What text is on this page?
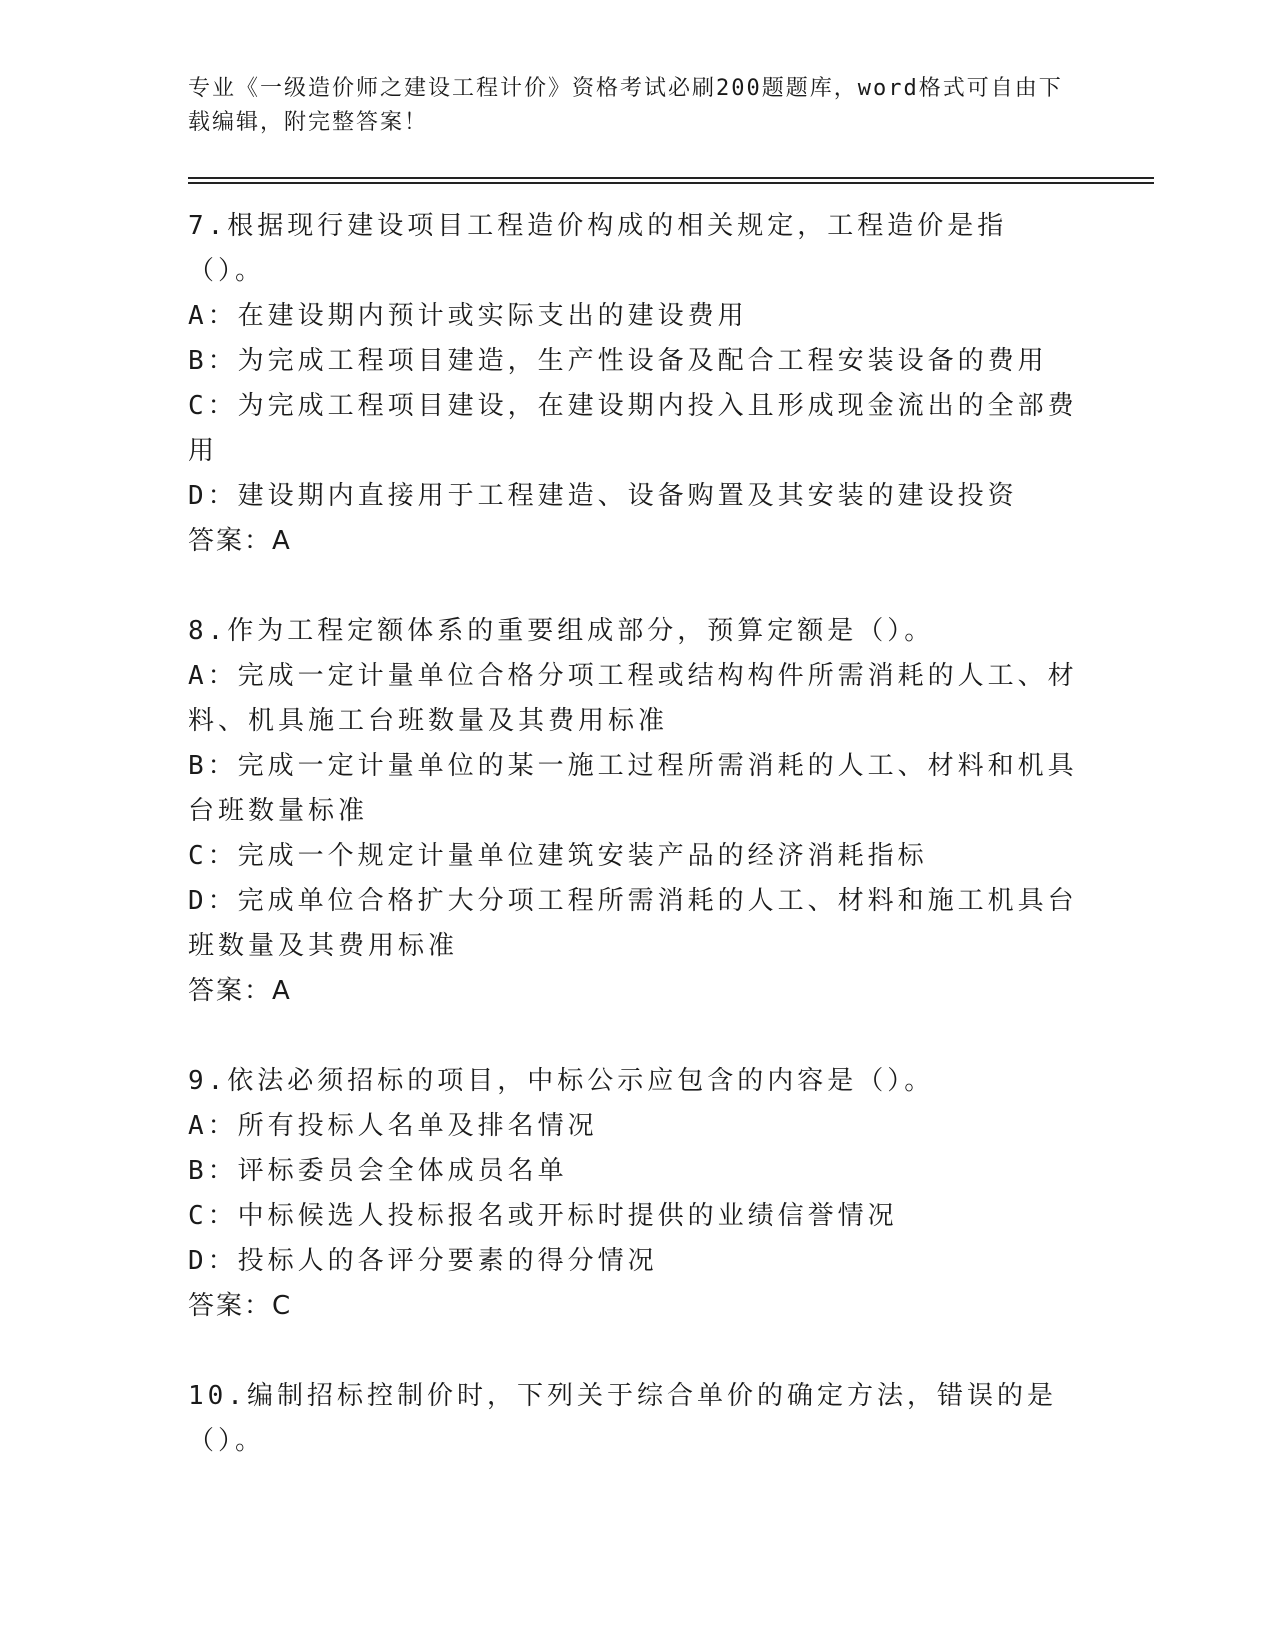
专业《一级造价师之建设工程计价》资格考试必刷200题题库，word格式可自由下载编辑，附完整答案！

7.根据现行建设项目工程造价构成的相关规定，工程造价是指（）。

A：在建设期内预计或实际支出的建设费用

B：为完成工程项目建造，生产性设备及配合工程安装设备的费用

C：为完成工程项目建设，在建设期内投入且形成现金流出的全部费用

D：建设期内直接用于工程建造、设备购置及其安装的建设投资

答案：A

8.作为工程定额体系的重要组成部分，预算定额是（）。

A：完成一定计量单位合格分项工程或结构构件所需消耗的人工、材料、机具施工台班数量及其费用标准

B：完成一定计量单位的某一施工过程所需消耗的人工、材料和机具台班数量标准

C：完成一个规定计量单位建筑安装产品的经济消耗指标

D：完成单位合格扩大分项工程所需消耗的人工、材料和施工机具台班数量及其费用标准

答案：A

9.依法必须招标的项目，中标公示应包含的内容是（）。

A：所有投标人名单及排名情况

B：评标委员会全体成员名单

C：中标候选人投标报名或开标时提供的业绩信誉情况

D：投标人的各评分要素的得分情况

答案：C

10.编制招标控制价时，下列关于综合单价的确定方法，错误的是（）。
